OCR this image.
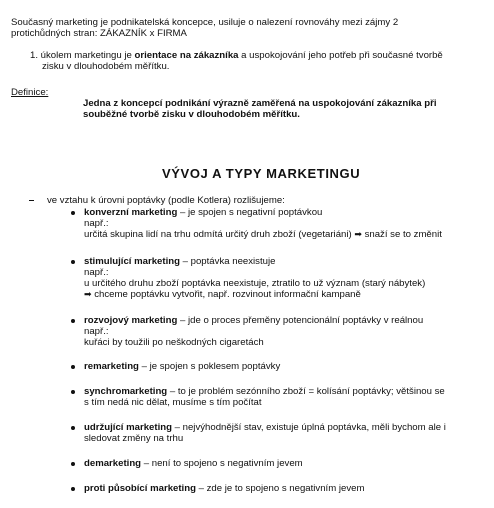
Současný marketing je podnikatelská koncepce, usiluje o nalezení rovnováhy mezi zájmy 2
protichůdných stran: ZÁKAZNÍK x FIRMA
1. úkolem marketingu je orientace na zákazníka a uspokojování jeho potřeb při současné tvorbě
zisku v dlouhodobém měřítku.
Definice:
Jedna z koncepcí podnikání výrazně zaměřená na uspokojování zákazníka při
souběžné tvorbě zisku v dlouhodobém měřítku.
VÝVOJ A TYPY MARKETINGU
ve vztahu k úrovni poptávky (podle Kotlera) rozlišujeme:
konverzní marketing – je spojen s negativní poptávkou
např.:
určitá skupina lidí na trhu odmítá určitý druh zboží (vegetariáni) ➡ snaží se to změnit
stimulující marketing – poptávka neexistuje
např.:
u určitého druhu zboží poptávka neexistuje, ztratilo to už význam (starý nábytek)
➡ chceme poptávku vytvořit, např. rozvinout informační kampaně
rozvojový marketing – jde o proces přeměny potencionální poptávky v reálnou
např.:
kuřáci by toužili po neškodných cigaretách
remarketing – je spojen s poklesem poptávky
synchromarketing – to je problém sezónního zboží = kolísání poptávky; většinou se
s tím nedá nic dělat, musíme s tím počítat
udržující marketing – nejvýhodnější stav, existuje úplná poptávka, měli bychom ale i
sledovat změny na trhu
demarketing – není to spojeno s negativním jevem
proti působící marketing – zde je to spojeno s negativním jevem
